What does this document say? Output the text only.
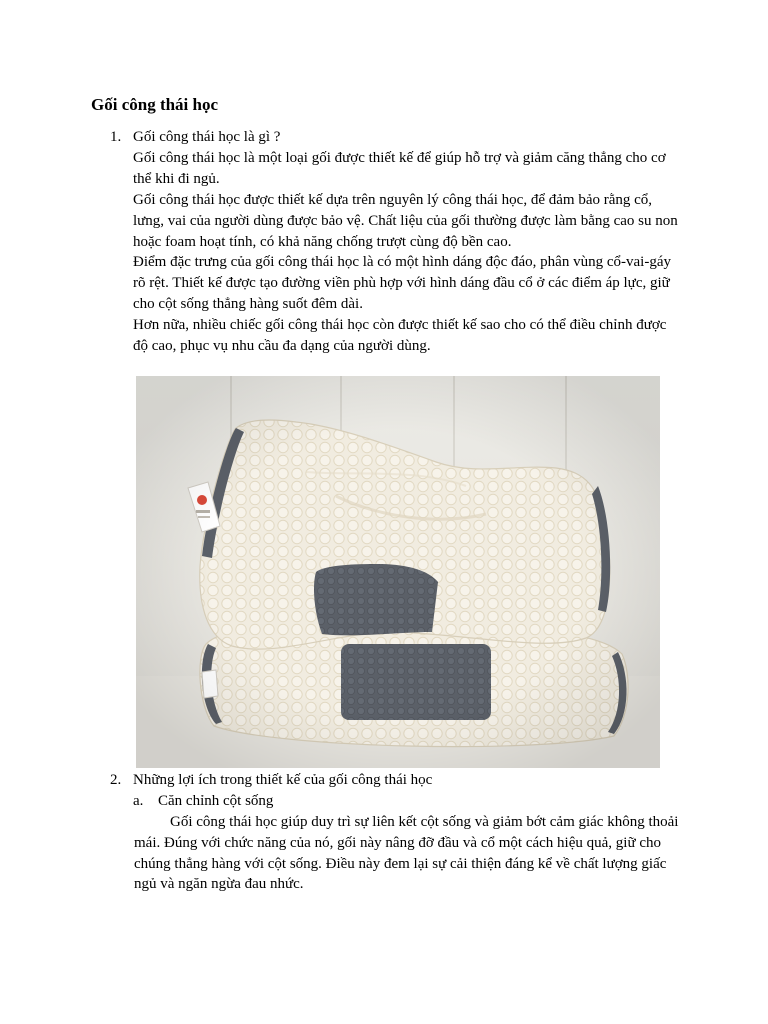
Gối công thái học
1. Gối công thái học là gì ?

Gối công thái học là một loại gối được thiết kế để giúp hỗ trợ và giảm căng thẳng cho cơ thể khi đi ngủ.

Gối công thái học được thiết kế dựa trên nguyên lý công thái học, để đảm bảo rằng cổ, lưng, vai của người dùng được bảo vệ. Chất liệu của gối thường được làm bằng cao su non hoặc foam hoạt tính, có khả năng chống trượt cùng độ bền cao.

Điểm đặc trưng của gối công thái học là có một hình dáng độc đáo, phân vùng cổ-vai-gáy rõ rệt. Thiết kế được tạo đường viền phù hợp với hình dáng đầu cổ ở các điểm áp lực, giữ cho cột sống thẳng hàng suốt đêm dài.

Hơn nữa, nhiều chiếc gối công thái học còn được thiết kế sao cho có thể điều chỉnh được độ cao, phục vụ nhu cầu đa dạng của người dùng.

2. Những lợi ích trong thiết kế của gối công thái học
a. Căn chỉnh cột sống

Gối công thái học giúp duy trì sự liên kết cột sống và giảm bớt cảm giác không thoải mái. Đúng với chức năng của nó, gối này nâng đỡ đầu và cổ một cách hiệu quả, giữ cho chúng thẳng hàng với cột sống. Điều này đem lại sự cải thiện đáng kể về chất lượng giấc ngủ và ngăn ngừa đau nhức.
